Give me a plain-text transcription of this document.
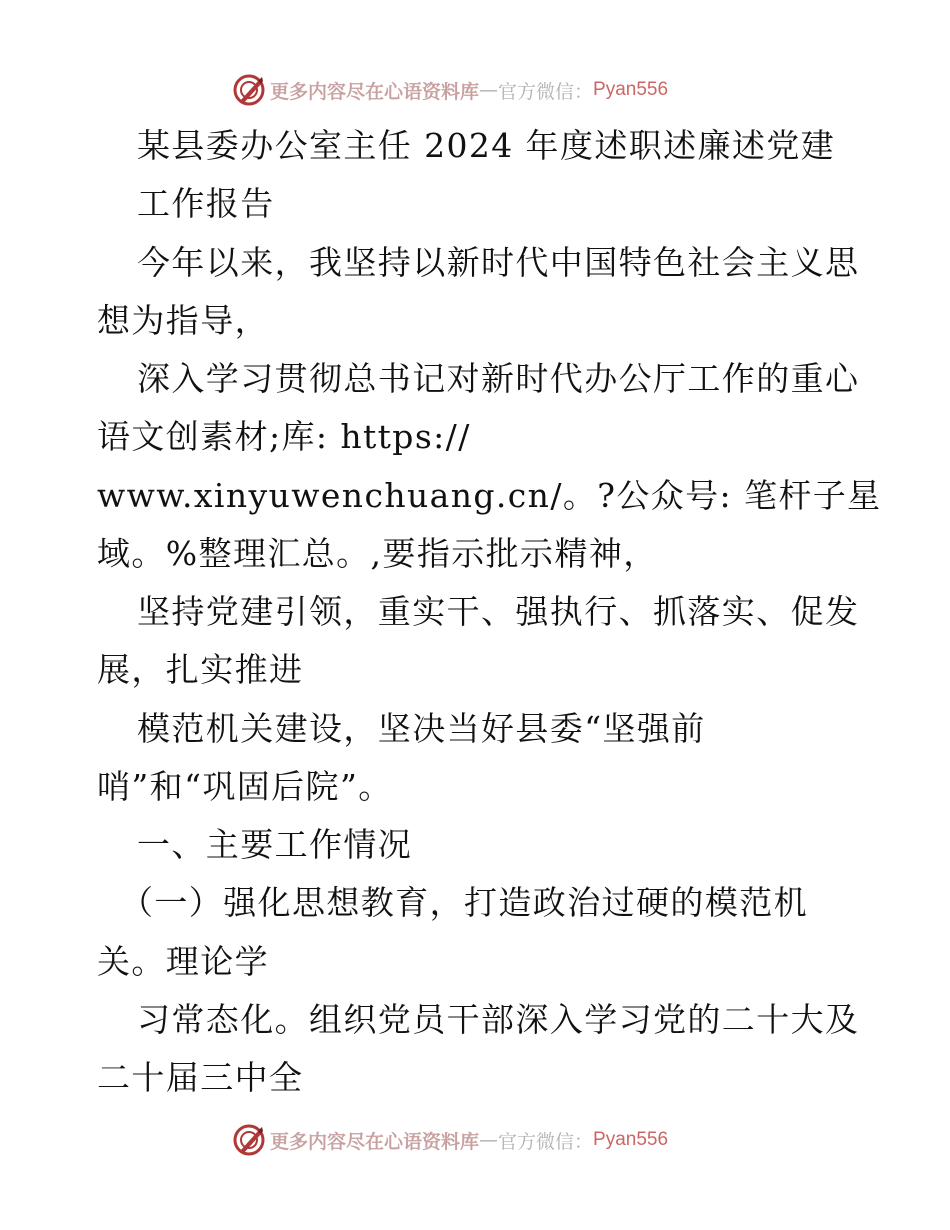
更多内容尽在心语资料库 — 官方微信： Pyan556
某县委办公室主任 2024 年度述职述廉述党建
工作报告
今年以来，我坚持以新时代中国特色社会主义思
想为指导，
深入学习贯彻总书记对新时代办公厅工作的重心
语文创素材;库: https://
www.xinyuwenchuang.cn/。?公众号: 笔杆子星
域。%整理汇总。,要指示批示精神，
坚持党建引领，重实干、强执行、抓落实、促发
展，扎实推进
模范机关建设，坚决当好县委“坚强前
哨”和“巩固后院”。
一、主要工作情况
（一）强化思想教育，打造政治过硬的模范机
关。理论学
习常态化。组织党员干部深入学习党的二十大及
二十届三中全
更多内容尽在心语资料库 — 官方微信： Pyan556
